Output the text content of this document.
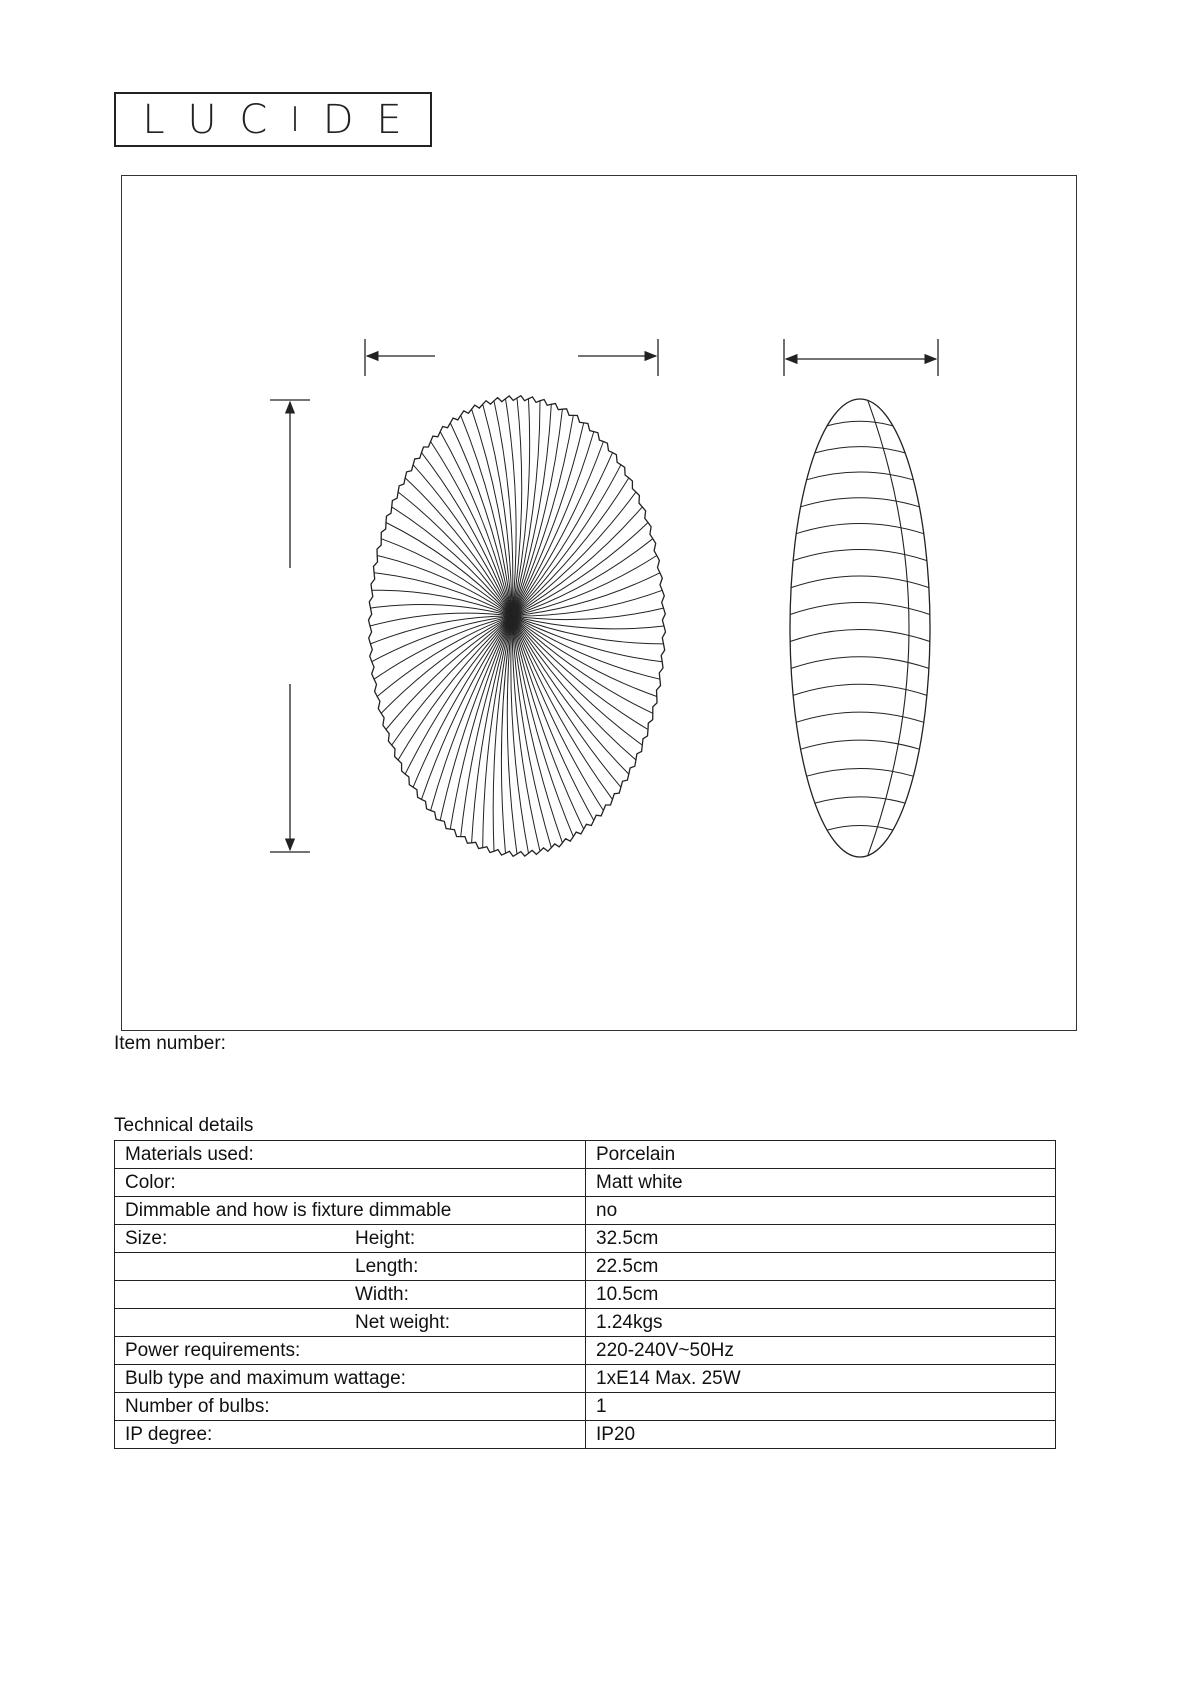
L U C I D E
Item number:
Technical details
Materials used:	Porcelain
Color:	Matt white
Dimmable and how is fixture dimmable	no
Size: Height:	32.5cm

Length:	22.5cm

Width:	10.5cm

Net weight:	1.24kgs
Power requirements:	220-240V~50Hz
Bulb type and maximum wattage:	1xE14 Max. 25W
Number of bulbs:	1
IP degree:	IP20
